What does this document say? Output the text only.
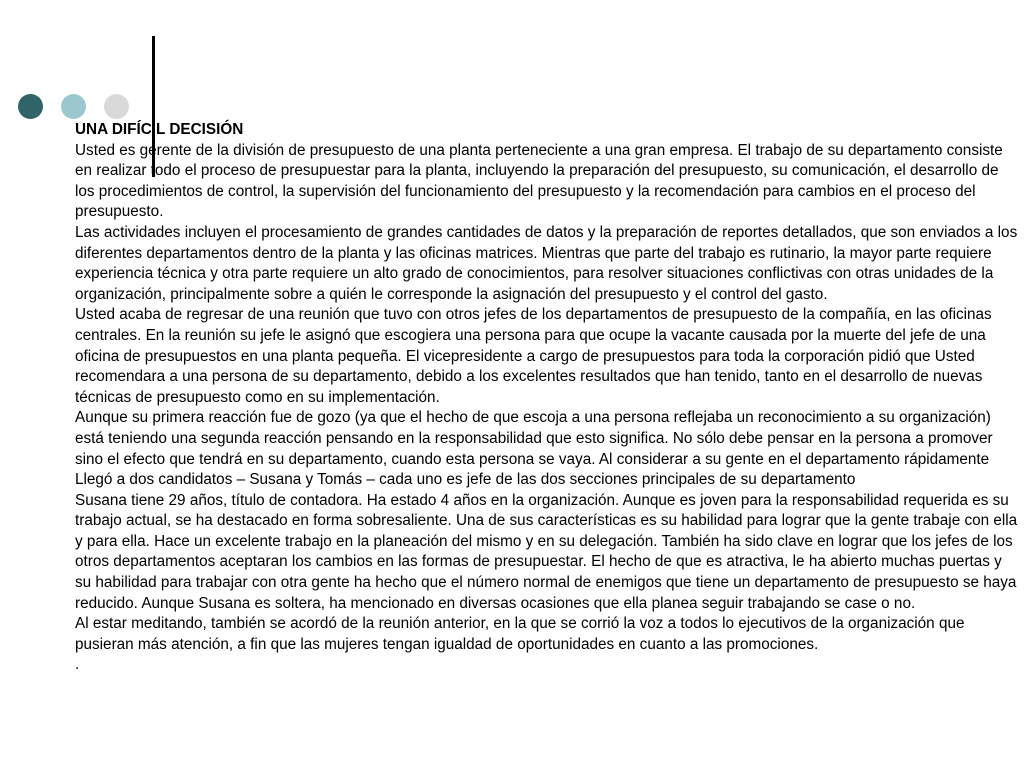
UNA DIFÍCIL DECISIÓN

Usted es gerente de la división de presupuesto de una planta perteneciente a una gran empresa. El trabajo de su departamento consiste en realizar todo el proceso de presupuestar para la planta, incluyendo la preparación del presupuesto, su comunicación, el desarrollo de los procedimientos de control, la supervisión del funcionamiento del presupuesto y la recomendación para cambios en el proceso del presupuesto.

Las actividades incluyen el procesamiento de grandes cantidades de datos y la preparación de reportes detallados, que son enviados a los diferentes departamentos dentro de la planta y las oficinas matrices. Mientras que parte del trabajo es rutinario, la mayor parte requiere experiencia técnica y otra parte requiere un alto grado de conocimientos, para resolver situaciones conflictivas con otras unidades de la organización, principalmente sobre a quién le corresponde la asignación del presupuesto y el control del gasto.

Usted acaba de regresar de una reunión que tuvo con otros jefes de los departamentos de presupuesto de la compañía, en las oficinas centrales. En la reunión su jefe le asignó que escogiera una persona para que ocupe la vacante causada por la muerte del jefe de una oficina de presupuestos en una planta pequeña. El vicepresidente a cargo de presupuestos para toda la corporación pidió que Usted recomendara a una persona de su departamento, debido a los excelentes resultados que han tenido, tanto en el desarrollo de nuevas técnicas de presupuesto como en su implementación.

Aunque su primera reacción fue de gozo (ya que el hecho de que escoja a una persona reflejaba un reconocimiento a su organización) está teniendo una segunda reacción pensando en la responsabilidad que esto significa. No sólo debe pensar en la persona a promover sino el efecto que tendrá en su departamento, cuando esta persona se vaya. Al considerar a su gente en el departamento rápidamente Llegó a dos candidatos – Susana y Tomás – cada uno es jefe de las dos secciones principales de su departamento

Susana tiene 29 años, título de contadora. Ha estado 4 años en la organización. Aunque es joven para la responsabilidad requerida es su trabajo actual, se ha destacado en forma sobresaliente. Una de sus características es su habilidad para lograr que la gente trabaje con ella y para ella. Hace un excelente trabajo en la planeación del mismo y en su delegación. También ha sido clave en lograr que los jefes de los otros departamentos aceptaran los cambios en las formas de presupuestar. El hecho de que es atractiva, le ha abierto muchas puertas y su habilidad para trabajar con otra gente ha hecho que el número normal de enemigos que tiene un departamento de presupuesto se haya reducido. Aunque Susana es soltera, ha mencionado en diversas ocasiones que ella planea seguir trabajando se case o no.

Al estar meditando, también se acordó de la reunión anterior, en la que se corrió la voz a todos lo ejecutivos de la organización que pusieran más atención, a fin que las mujeres tengan igualdad de oportunidades en cuanto a las promociones.

.
